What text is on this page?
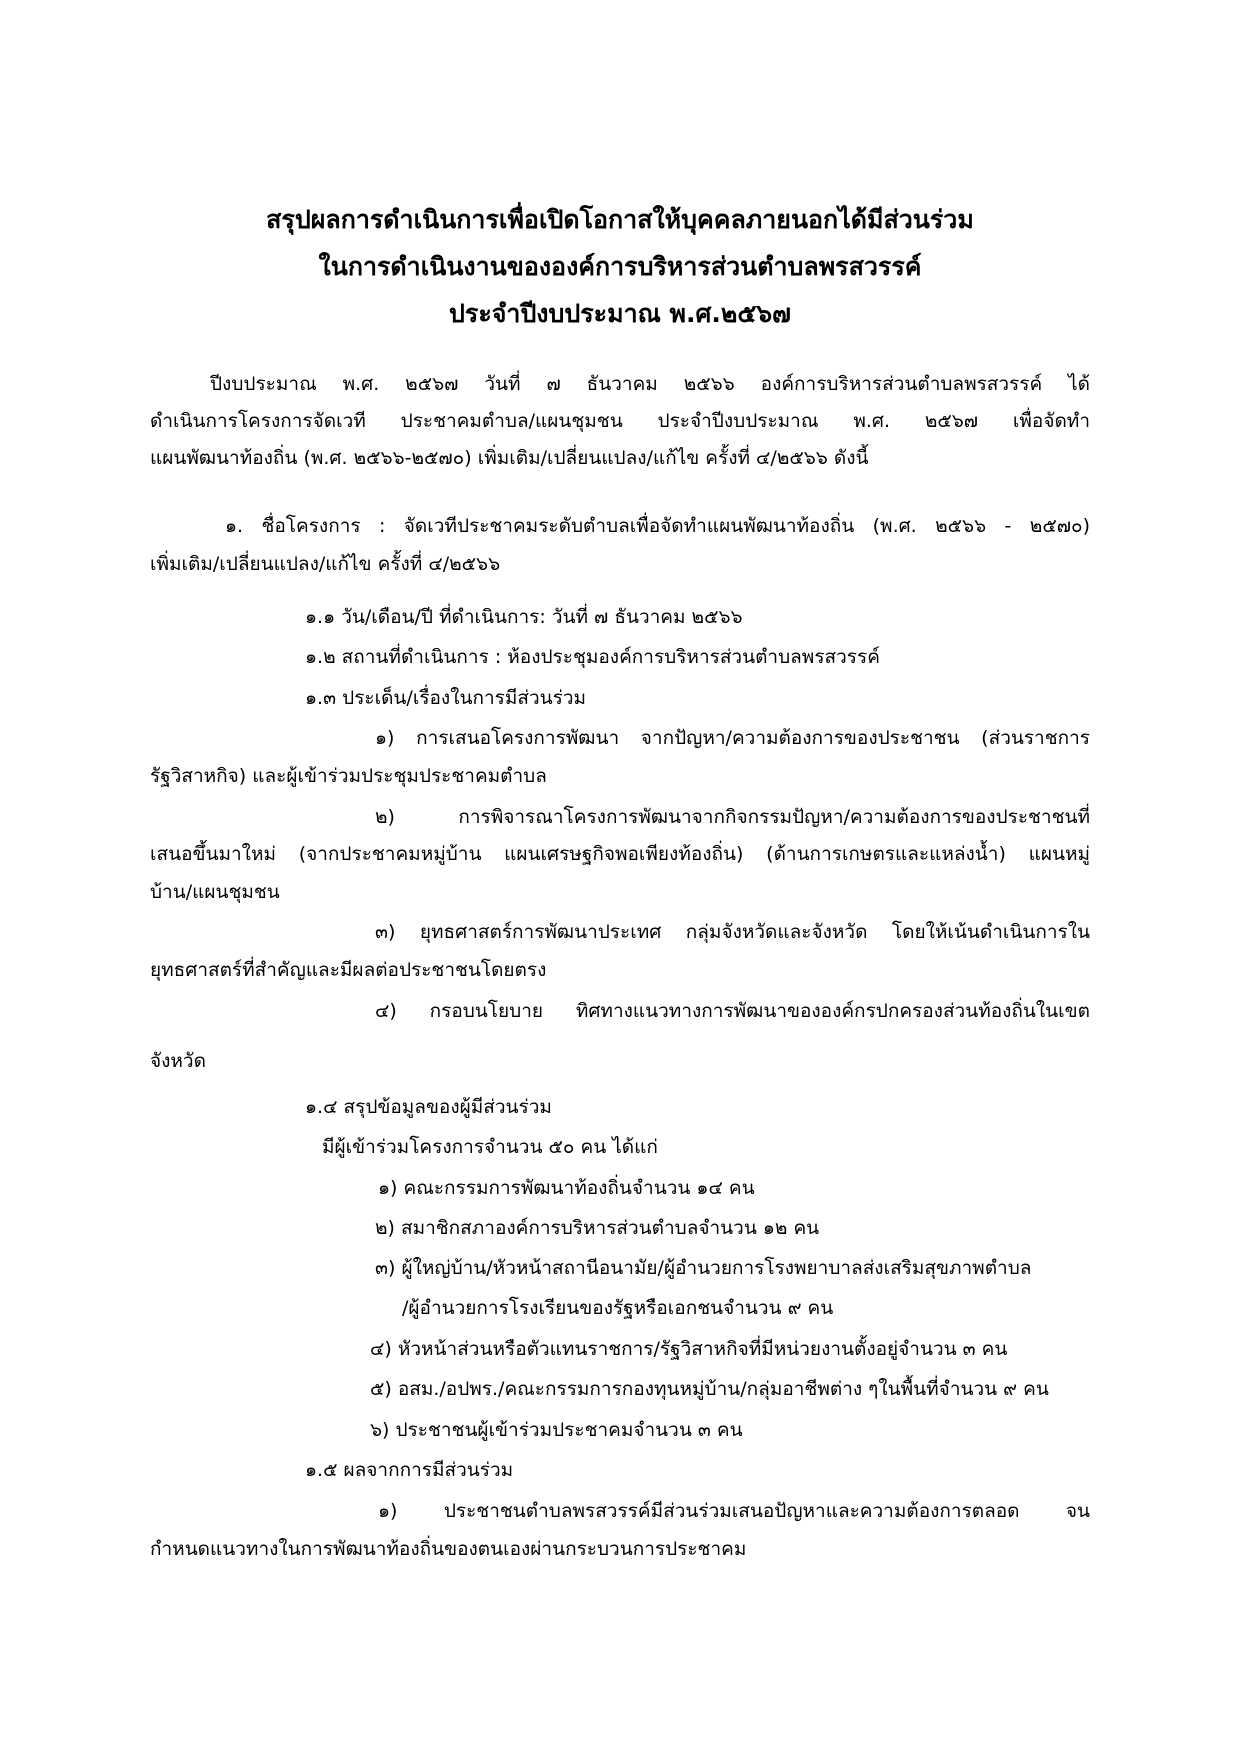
สรุปผลการดำเนินการเพื่อเปิดโอกาสให้บุคคลภายนอกได้มีส่วนร่วม
ในการดำเนินงานขององค์การบริหารส่วนตำบลพรสวรรค์
ประจำปีงบประมาณ พ.ศ.๒๕๖๗
ปีงบประมาณ พ.ศ. ๒๕๖๗ วันที่ ๗ ธันวาคม ๒๕๖๖ องค์การบริหารส่วนตำบลพรสวรรค์ ได้
ดำเนินการโครงการจัดเวที ประชาคมตำบล/แผนชุมชน ประจำปีงบประมาณ พ.ศ. ๒๕๖๗ เพื่อจัดทำ
แผนพัฒนาท้องถิ่น (พ.ศ. ๒๕๖๖-๒๕๗๐) เพิ่มเติม/เปลี่ยนแปลง/แก้ไข ครั้งที่ ๔/๒๕๖๖ ดังนี้
๑. ชื่อโครงการ : จัดเวทีประชาคมระดับตำบลเพื่อจัดทำแผนพัฒนาท้องถิ่น (พ.ศ. ๒๕๖๖ - ๒๕๗๐)
เพิ่มเติม/เปลี่ยนแปลง/แก้ไข ครั้งที่ ๔/๒๕๖๖
๑.๑ วัน/เดือน/ปี ที่ดำเนินการ: วันที่ ๗ ธันวาคม ๒๕๖๖
๑.๒ สถานที่ดำเนินการ : ห้องประชุมองค์การบริหารส่วนตำบลพรสวรรค์
๑.๓ ประเด็น/เรื่องในการมีส่วนร่วม
๑) การเสนอโครงการพัฒนา จากปัญหา/ความต้องการของประชาชน (ส่วนราชการ
รัฐวิสาหกิจ) และผู้เข้าร่วมประชุมประชาคมตำบล
๒) การพิจารณาโครงการพัฒนาจากกิจกรรมปัญหา/ความต้องการของประชาชนที่
เสนอขึ้นมาใหม่ (จากประชาคมหมู่บ้าน แผนเศรษฐกิจพอเพียงท้องถิ่น) (ด้านการเกษตรและแหล่งน้ำ) แผนหมู่
บ้าน/แผนชุมชน
๓) ยุทธศาสตร์การพัฒนาประเทศ กลุ่มจังหวัดและจังหวัด โดยให้เน้นดำเนินการใน
ยุทธศาสตร์ที่สำคัญและมีผลต่อประชาชนโดยตรง
๔) กรอบนโยบาย ทิศทางแนวทางการพัฒนาขององค์กรปกครองส่วนท้องถิ่นในเขต
จังหวัด
๑.๔ สรุปข้อมูลของผู้มีส่วนร่วม
มีผู้เข้าร่วมโครงการจำนวน ๕๐ คน ได้แก่
๑) คณะกรรมการพัฒนาท้องถิ่นจำนวน ๑๔ คน
๒) สมาชิกสภาองค์การบริหารส่วนตำบลจำนวน ๑๒ คน
๓) ผู้ใหญ่บ้าน/หัวหน้าสถานีอนามัย/ผู้อำนวยการโรงพยาบาลส่งเสริมสุขภาพตำบล
/ผู้อำนวยการโรงเรียนของรัฐหรือเอกชนจำนวน ๙ คน
๔) หัวหน้าส่วนหรือตัวแทนราชการ/รัฐวิสาหกิจที่มีหน่วยงานตั้งอยู่จำนวน ๓ คน
๕) อสม./อปพร./คณะกรรมการกองทุนหมู่บ้าน/กลุ่มอาชีพต่าง ๆในพื้นที่จำนวน ๙ คน
๖) ประชาชนผู้เข้าร่วมประชาคมจำนวน ๓ คน
๑.๕ ผลจากการมีส่วนร่วม
๑) ประชาชนตำบลพรสวรรค์มีส่วนร่วมเสนอปัญหาและความต้องการตลอด จน
กำหนดแนวทางในการพัฒนาท้องถิ่นของตนเองผ่านกระบวนการประชาคม
